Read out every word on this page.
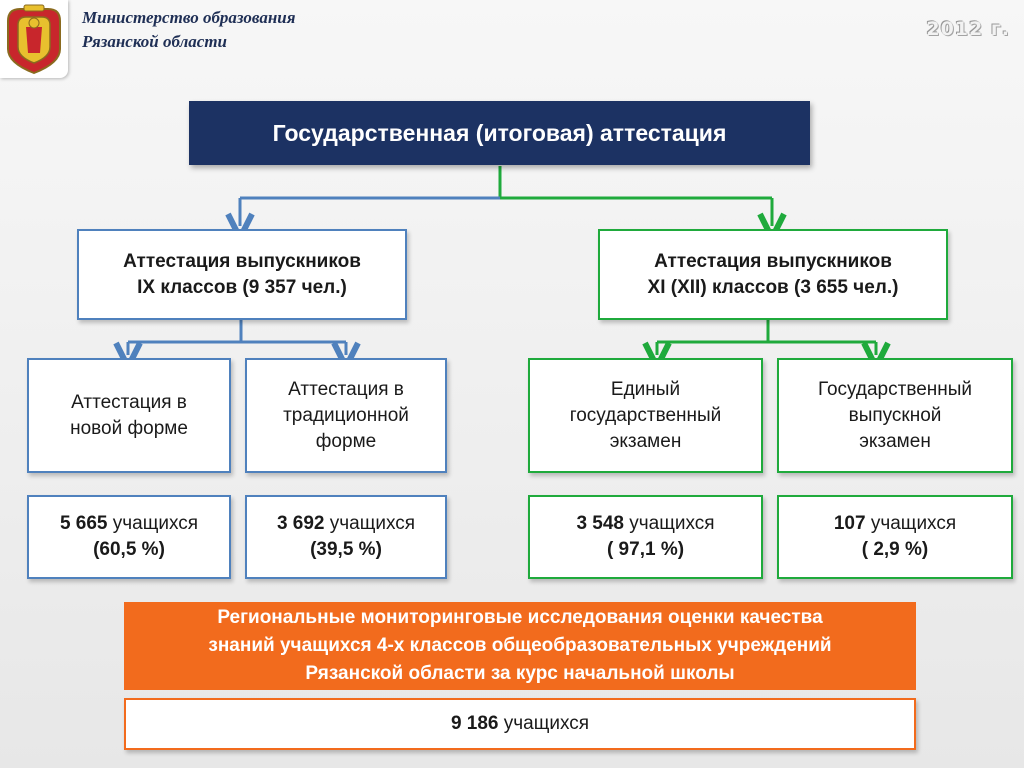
Министерство образования
Рязанской области
2012 г.
Государственная (итоговая) аттестация
Аттестация выпускников
IX классов (9 357 чел.)
Аттестация выпускников
XI (XII) классов (3 655 чел.)
Аттестация в
новой форме
Аттестация в
традиционной
форме
Единый
государственный
экзамен
Государственный
выпускной
экзамен
5 665 учащихся
(60,5 %)
3 692 учащихся
(39,5 %)
3 548 учащихся
( 97,1 %)
107 учащихся
( 2,9 %)
Региональные мониторинговые исследования оценки качества
знаний учащихся 4-х классов общеобразовательных учреждений
Рязанской области за курс начальной школы
9 186
учащихся
